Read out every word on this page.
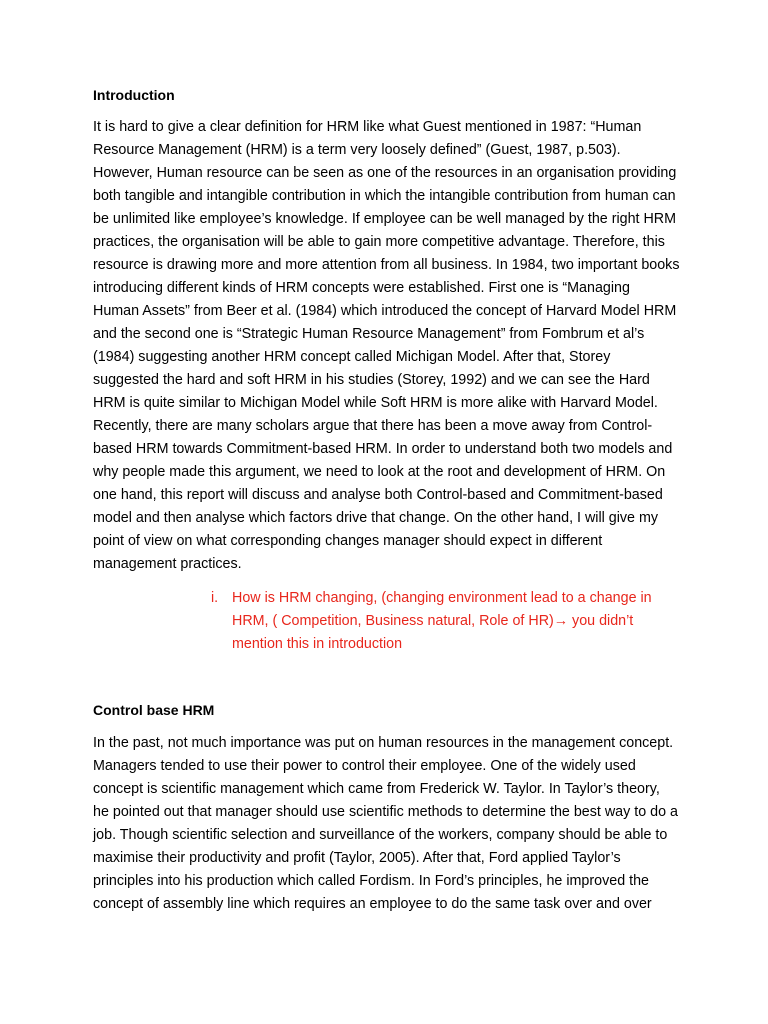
Introduction
It is hard to give a clear definition for HRM like what Guest mentioned in 1987: “Human
Resource Management (HRM) is a term very loosely defined” (Guest, 1987, p.503).
However, Human resource can be seen as one of the resources in an organisation providing
both tangible and intangible contribution in which the intangible contribution from human can
be unlimited like employee’s knowledge. If employee can be well managed by the right HRM
practices, the organisation will be able to gain more competitive advantage. Therefore, this
resource is drawing more and more attention from all business. In 1984, two important books
introducing different kinds of HRM concepts were established. First one is “Managing
Human Assets” from Beer et al. (1984) which introduced the concept of Harvard Model HRM
and the second one is “Strategic Human Resource Management” from Fombrum et al’s
(1984) suggesting another HRM concept called Michigan Model. After that, Storey
suggested the hard and soft HRM in his studies (Storey, 1992) and we can see the Hard
HRM is quite similar to Michigan Model while Soft HRM is more alike with Harvard Model.
Recently, there are many scholars argue that there has been a move away from Control-
based HRM towards Commitment-based HRM. In order to understand both two models and
why people made this argument, we need to look at the root and development of HRM. On
one hand, this report will discuss and analyse both Control-based and Commitment-based
model and then analyse which factors drive that change. On the other hand, I will give my
point of view on what corresponding changes manager should expect in different
management practices.
i. How is HRM changing, (changing environment lead to a change in
HRM, ( Competition, Business natural, Role of HR)→ you didn’t
mention this in introduction
Control base HRM
In the past, not much importance was put on human resources in the management concept.
Managers tended to use their power to control their employee. One of the widely used
concept is scientific management which came from Frederick W. Taylor. In Taylor’s theory,
he pointed out that manager should use scientific methods to determine the best way to do a
job. Though scientific selection and surveillance of the workers, company should be able to
maximise their productivity and profit (Taylor, 2005). After that, Ford applied Taylor’s
principles into his production which called Fordism. In Ford’s principles, he improved the
concept of assembly line which requires an employee to do the same task over and over
